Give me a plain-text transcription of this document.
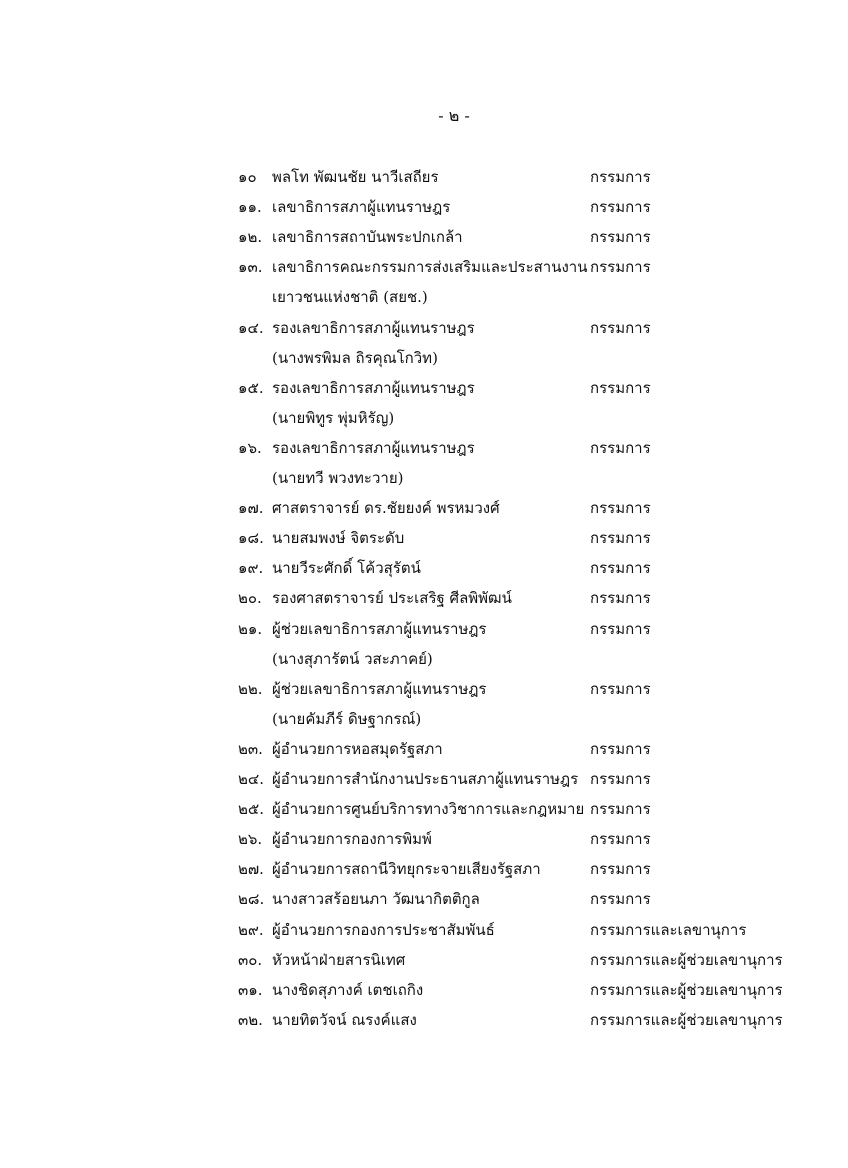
- ๒ -
๑๐ พลโท พัฒนชัย นาวีเสถียร	กรรมการ
๑๑. เลขาธิการสภาผู้แทนราษฎร	กรรมการ
๑๒. เลขาธิการสถาบันพระปกเกล้า	กรรมการ
๑๓. เลขาธิการคณะกรรมการส่งเสริมและประสานงาน กรรมการ
เยาวชนแห่งชาติ (สยช.)
๑๔. รองเลขาธิการสภาผู้แทนราษฎร	กรรมการ
(นางพรพิมล ถิรคุณโกวิท)
๑๕. รองเลขาธิการสภาผู้แทนราษฎร	กรรมการ
(นายพิทูร พุ่มหิรัญ)
๑๖. รองเลขาธิการสภาผู้แทนราษฎร	กรรมการ
(นายทวี พวงทะวาย)
๑๗. ศาสตราจารย์ ดร.ชัยยงค์ พรหมวงศ์	กรรมการ
๑๘. นายสมพงษ์ จิตระดับ	กรรมการ
๑๙. นายวีระศักดิ์ โค้วสุรัตน์	กรรมการ
๒๐. รองศาสตราจารย์ ประเสริฐ ศีลพิพัฒน์	กรรมการ
๒๑. ผู้ช่วยเลขาธิการสภาผู้แทนราษฎร	กรรมการ
(นางสุภารัตน์ วสะภาคย์)
๒๒. ผู้ช่วยเลขาธิการสภาผู้แทนราษฎร	กรรมการ
(นายคัมภีร์ ดิษฐากรณ์)
๒๓. ผู้อำนวยการหอสมุดรัฐสภา	กรรมการ
๒๔. ผู้อำนวยการสำนักงานประธานสภาผู้แทนราษฎร กรรมการ
๒๕. ผู้อำนวยการศูนย์บริการทางวิชาการและกฎหมาย กรรมการ
๒๖. ผู้อำนวยการกองการพิมพ์	กรรมการ
๒๗. ผู้อำนวยการสถานีวิทยุกระจายเสียงรัฐสภา	กรรมการ
๒๘. นางสาวสร้อยนภา วัฒนากิตติกูล	กรรมการ
๒๙. ผู้อำนวยการกองการประชาสัมพันธ์	กรรมการและเลขานุการ
๓๐. หัวหน้าฝ่ายสารนิเทศ	กรรมการและผู้ช่วยเลขานุการ
๓๑. นางชิดสุภางค์ เตชเถกิง	กรรมการและผู้ช่วยเลขานุการ
๓๒. นายทิตวัจน์ ณรงค์แสง	กรรมการและผู้ช่วยเลขานุการ
